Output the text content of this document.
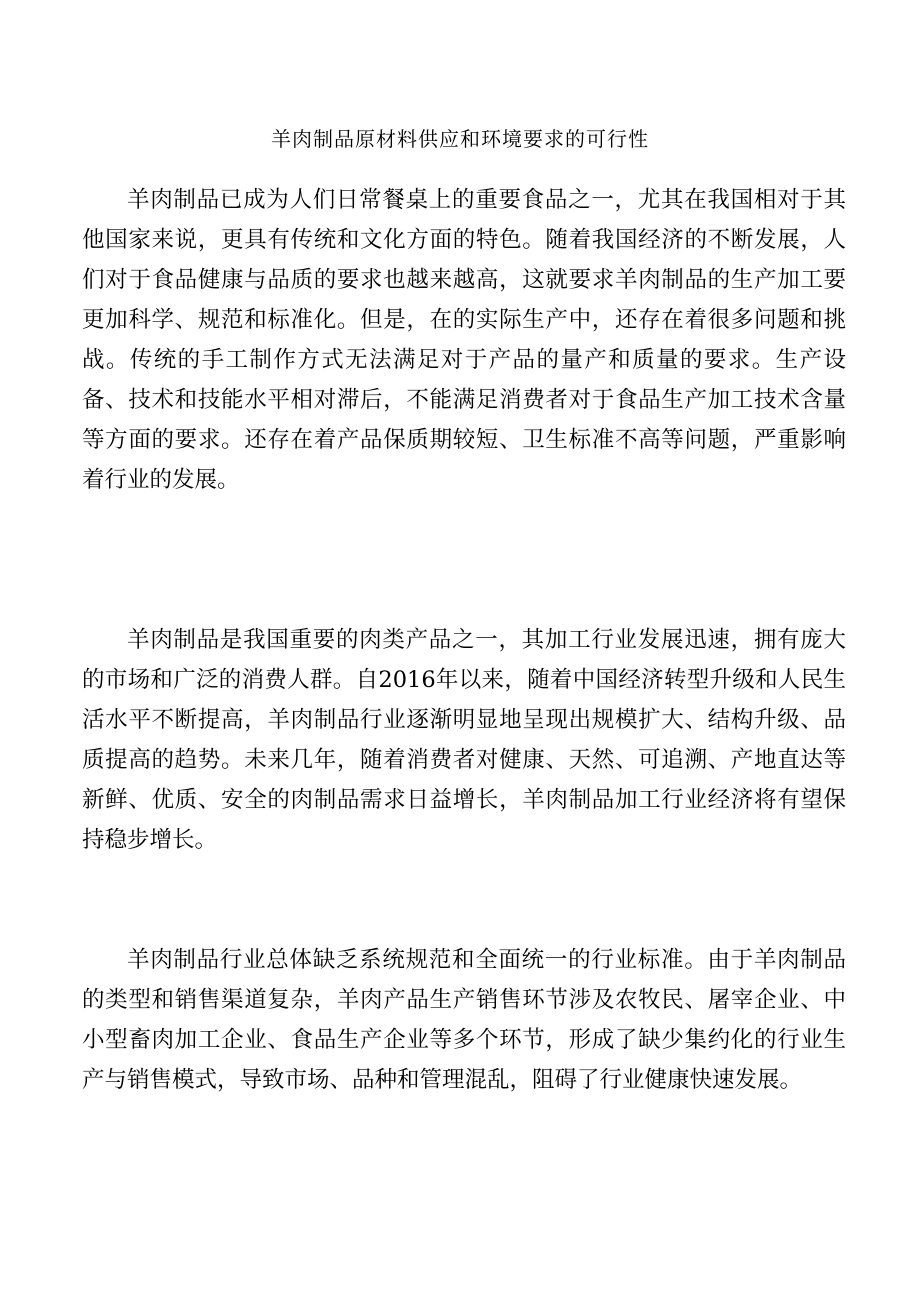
羊肉制品原材料供应和环境要求的可行性

羊肉制品已成为人们日常餐桌上的重要食品之一，尤其在我国相对于其他国家来说，更具有传统和文化方面的特色。随着我国经济的不断发展，人们对于食品健康与品质的要求也越来越高，这就要求羊肉制品的生产加工要更加科学、规范和标准化。但是，在的实际生产中，还存在着很多问题和挑战。传统的手工制作方式无法满足对于产品的量产和质量的要求。生产设备、技术和技能水平相对滞后，不能满足消费者对于食品生产加工技术含量等方面的要求。还存在着产品保质期较短、卫生标准不高等问题，严重影响着行业的发展。

羊肉制品是我国重要的肉类产品之一，其加工行业发展迅速，拥有庞大的市场和广泛的消费人群。自2016年以来，随着中国经济转型升级和人民生活水平不断提高，羊肉制品行业逐渐明显地呈现出规模扩大、结构升级、品质提高的趋势。未来几年，随着消费者对健康、天然、可追溯、产地直达等新鲜、优质、安全的肉制品需求日益增长，羊肉制品加工行业经济将有望保持稳步增长。

羊肉制品行业总体缺乏系统规范和全面统一的行业标准。由于羊肉制品的类型和销售渠道复杂，羊肉产品生产销售环节涉及农牧民、屠宰企业、中小型畜肉加工企业、食品生产企业等多个环节，形成了缺少集约化的行业生产与销售模式，导致市场、品种和管理混乱，阻碍了行业健康快速发展。
